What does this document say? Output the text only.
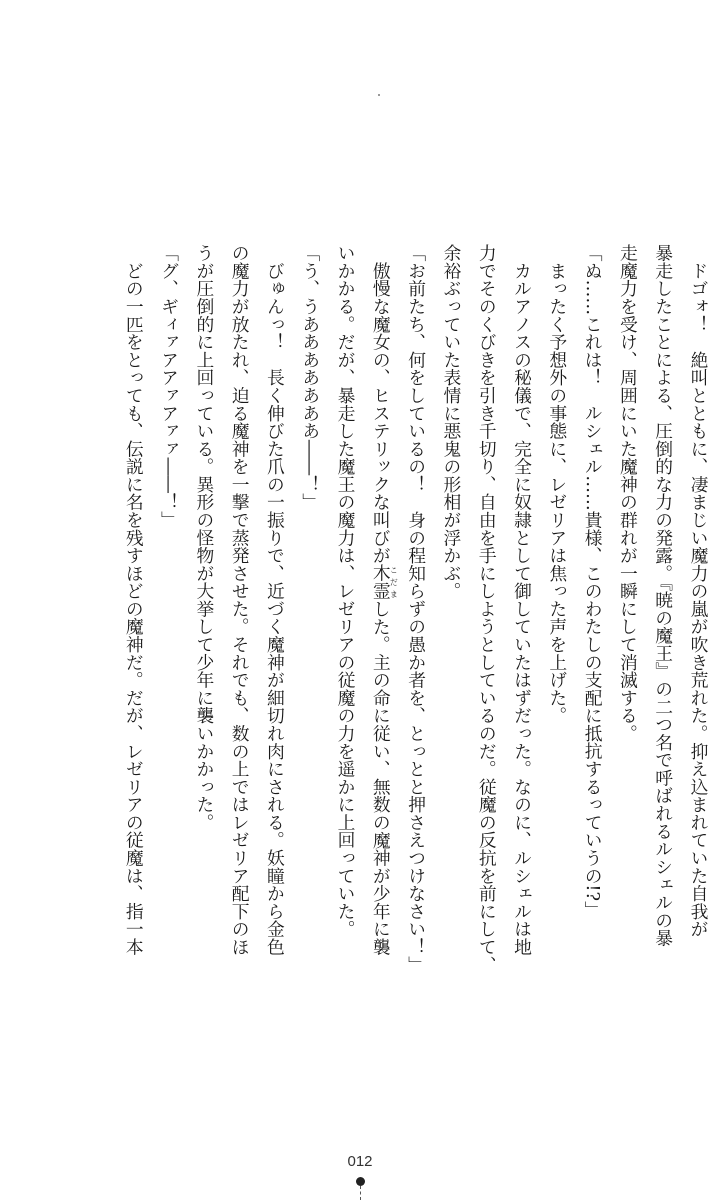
　ドゴォ！　絶叫とともに、凄まじい魔力の嵐が吹き荒れた。抑え込まれていた自我が
暴走したことによる、圧倒的な力の発露。『暁の魔王』の二つ名で呼ばれるルシェルの暴
走魔力を受け、周囲にいた魔神の群れが一瞬にして消滅する。
「ぬ……これは！　ルシェル……貴様、このわたしの支配に抵抗するっていうの!?」
　まったく予想外の事態に、レゼリアは焦った声を上げた。
　カルアノスの秘儀で、完全に奴隷として御していたはずだった。なのに、ルシェルは地
力でそのくびきを引き千切り、自由を手にしようとしているのだ。従魔の反抗を前にして、
余裕ぶっていた表情に悪鬼の形相が浮かぶ。
「お前たち、何をしているの！　身の程知らずの愚か者を、とっとと押さえつけなさい！」
　傲慢な魔女の、ヒステリックな叫びが木霊こだました。主の命に従い、無数の魔神が少年に襲
いかかる。だが、暴走した魔王の魔力は、レゼリアの従魔の力を遥かに上回っていた。
「う、うあああああああ――！」
　びゅんっ！　長く伸びた爪の一振りで、近づく魔神が細切れ肉にされる。妖瞳から金色
の魔力が放たれ、迫る魔神を一撃で蒸発させた。それでも、数の上ではレゼリア配下のほ
うが圧倒的に上回っている。異形の怪物が大挙して少年に襲いかかった。
「グ、ギィァアアァアァァ――！」
　どの一匹をとっても、伝説に名を残すほどの魔神だ。だが、レゼリアの従魔は、指一本
012
